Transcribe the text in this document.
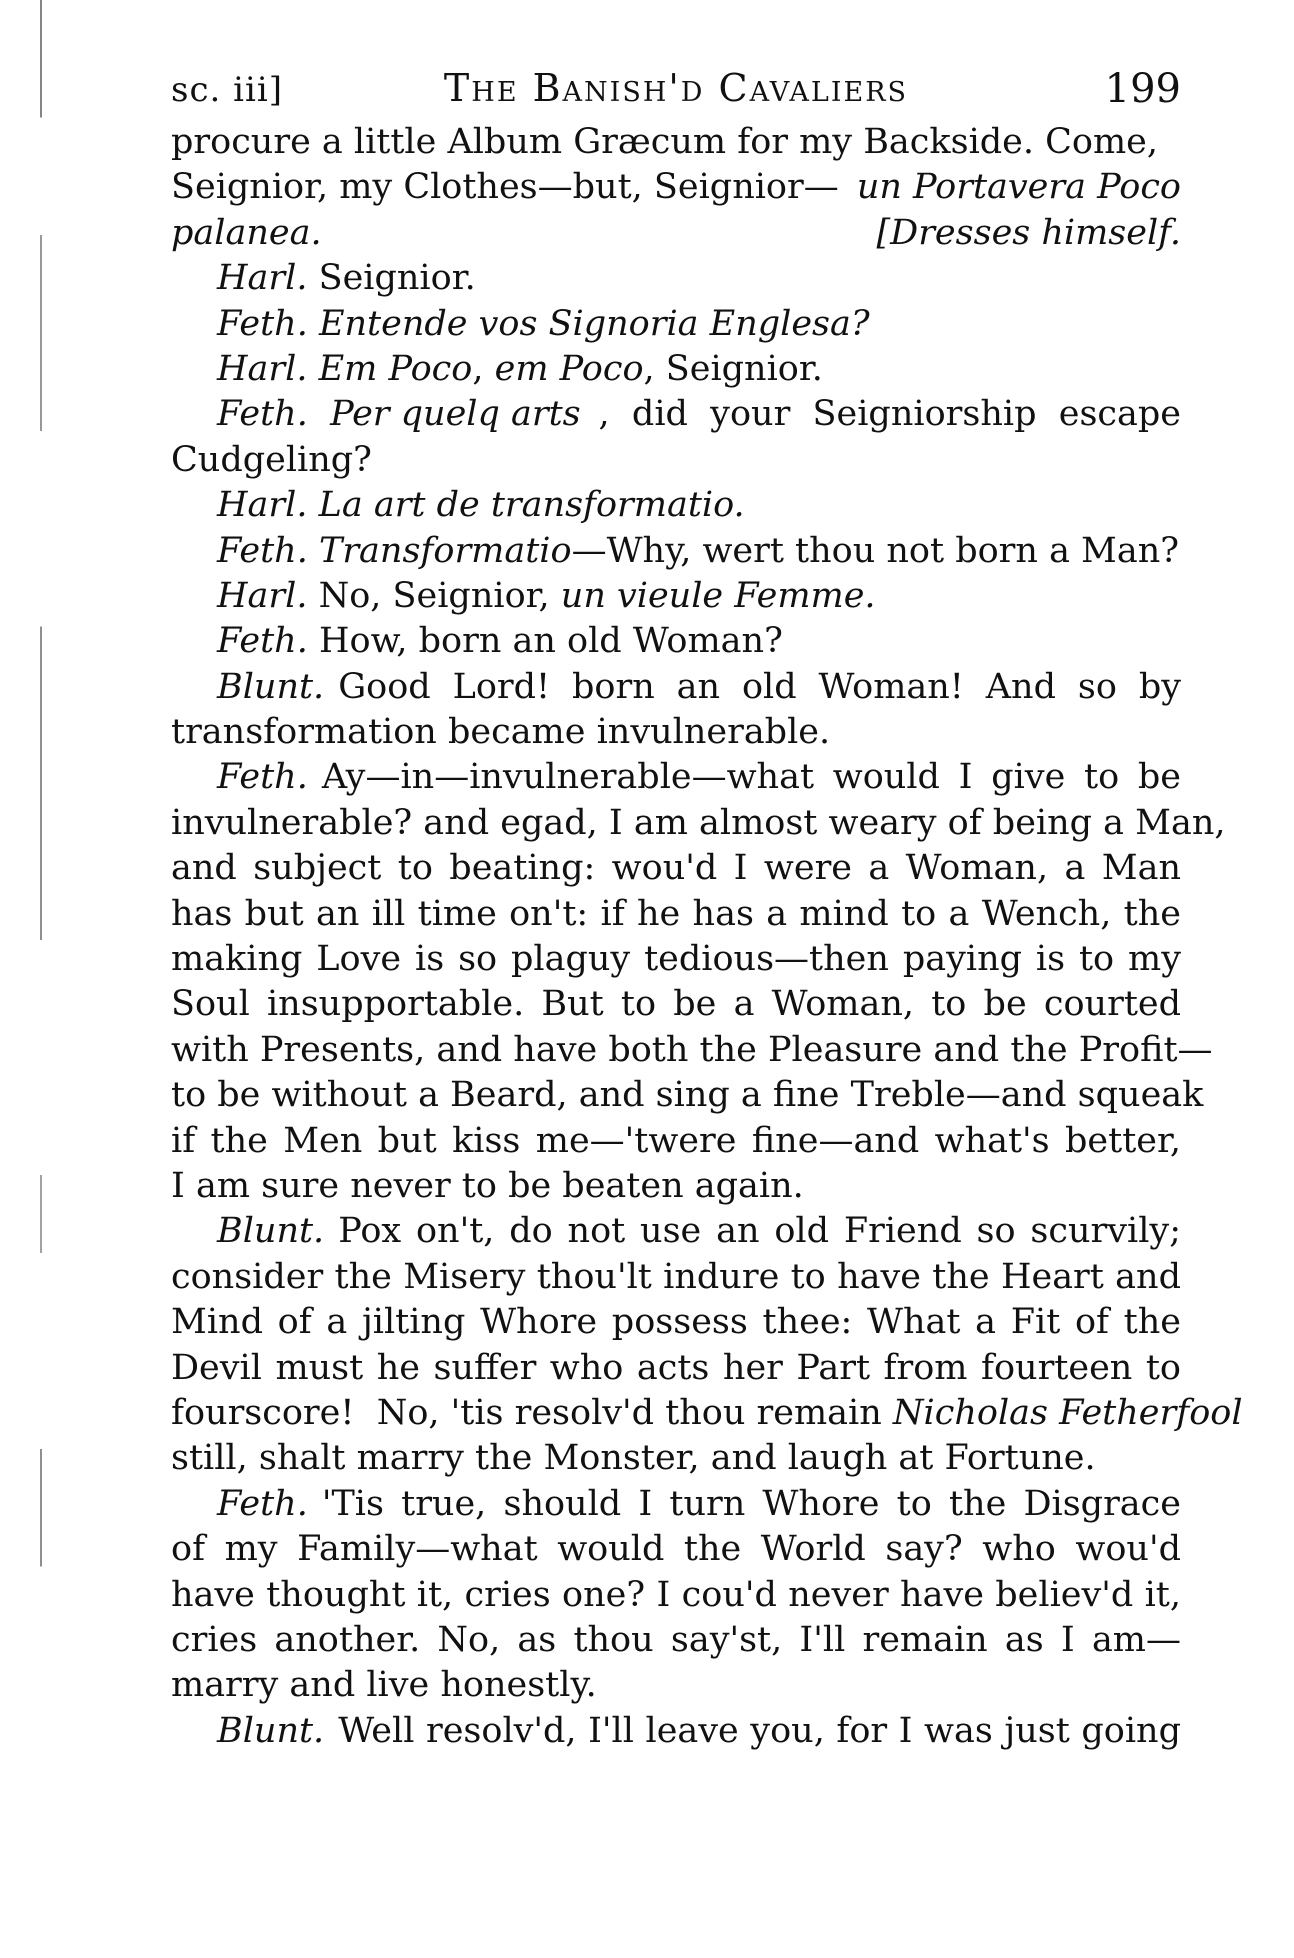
sc. iii]	The Banish'd Cavaliers	199
procure a little Album Græcum for my Backside. Come,
Seignior, my Clothes—but, Seignior— un Portavera Poco
palanea.	[Dresses himself.
Harl. Seignior.
Feth. Entende vos Signoria Englesa?
Harl. Em Poco, em Poco, Seignior.
Feth. Per quelq arts ,  did  your  Seigniorship  escape
Cudgeling?
Harl. La art de transformatio.
Feth. Transformatio—Why, wert thou not born a Man?
Harl. No, Seignior, un vieule Femme.
Feth. How, born an old Woman?
Blunt. Good Lord! born an old Woman! And so by
transformation became invulnerable.
Feth. Ay—in—invulnerable—what would I give to be
invulnerable? and egad, I am almost weary of being a Man,
and subject to beating: wou'd I were a Woman, a Man
has but an ill time on't: if he has a mind to a Wench, the
making Love is so plaguy tedious—then paying is to my
Soul insupportable. But to be a Woman, to be courted
with Presents, and have both the Pleasure and the Profit—
to be without a Beard, and sing a fine Treble—and squeak
if the Men but kiss me—'twere fine—and what's better,
I am sure never to be beaten again.
Blunt. Pox on't, do not use an old Friend so scurvily;
consider the Misery thou'lt indure to have the Heart and
Mind of a jilting Whore possess thee: What a Fit of the
Devil must he suffer who acts her Part from fourteen to
fourscore!  No, 'tis resolv'd thou remain Nicholas Fetherfool
still, shalt marry the Monster, and laugh at Fortune.
Feth. 'Tis true, should I turn Whore to the Disgrace
of my Family—what would the World say? who wou'd
have thought it, cries one? I cou'd never have believ'd it,
cries another. No, as thou say'st, I'll remain as I am—
marry and live honestly.
Blunt. Well resolv'd, I'll leave you, for I was just going
